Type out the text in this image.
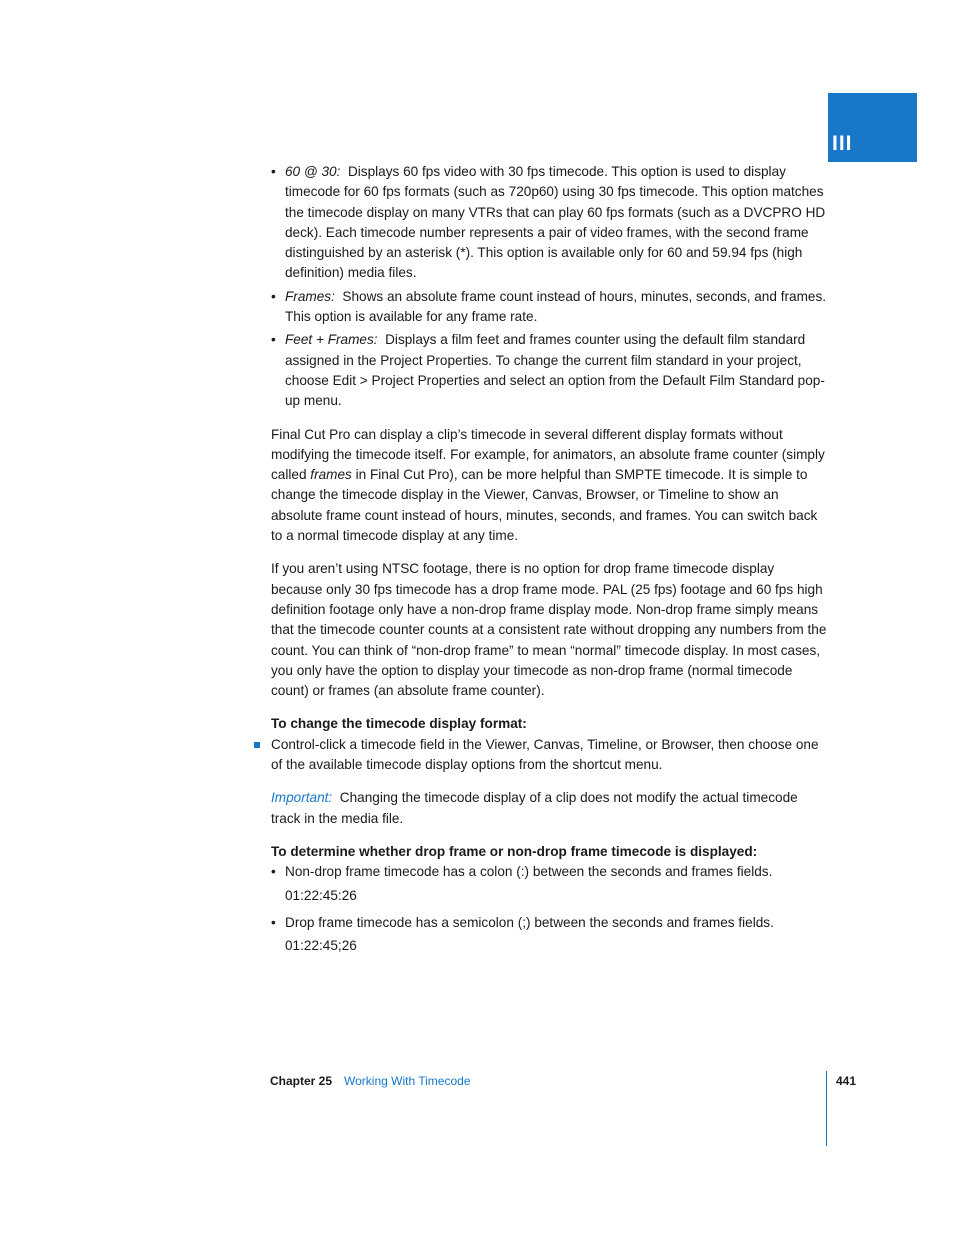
III
• 60 @ 30: Displays 60 fps video with 30 fps timecode. This option is used to display timecode for 60 fps formats (such as 720p60) using 30 fps timecode. This option matches the timecode display on many VTRs that can play 60 fps formats (such as a DVCPRO HD deck). Each timecode number represents a pair of video frames, with the second frame distinguished by an asterisk (*). This option is available only for 60 and 59.94 fps (high definition) media files.
• Frames: Shows an absolute frame count instead of hours, minutes, seconds, and frames. This option is available for any frame rate.
• Feet + Frames: Displays a film feet and frames counter using the default film standard assigned in the Project Properties. To change the current film standard in your project, choose Edit > Project Properties and select an option from the Default Film Standard pop-up menu.

Final Cut Pro can display a clip’s timecode in several different display formats without modifying the timecode itself. For example, for animators, an absolute frame counter (simply called frames in Final Cut Pro), can be more helpful than SMPTE timecode. It is simple to change the timecode display in the Viewer, Canvas, Browser, or Timeline to show an absolute frame count instead of hours, minutes, seconds, and frames. You can switch back to a normal timecode display at any time.

If you aren’t using NTSC footage, there is no option for drop frame timecode display because only 30 fps timecode has a drop frame mode. PAL (25 fps) footage and 60 fps high definition footage only have a non-drop frame display mode. Non-drop frame simply means that the timecode counter counts at a consistent rate without dropping any numbers from the count. You can think of “non-drop frame” to mean “normal” timecode display. In most cases, you only have the option to display your timecode as non-drop frame (normal timecode count) or frames (an absolute frame counter).

To change the timecode display format:

Control-click a timecode field in the Viewer, Canvas, Timeline, or Browser, then choose one of the available timecode display options from the shortcut menu.

Important: Changing the timecode display of a clip does not modify the actual timecode track in the media file.

To determine whether drop frame or non-drop frame timecode is displayed:

• Non-drop frame timecode has a colon (:) between the seconds and frames fields.
01:22:45:26
• Drop frame timecode has a semicolon (;) between the seconds and frames fields.
01:22:45;26
Chapter 25 Working With Timecode	441
